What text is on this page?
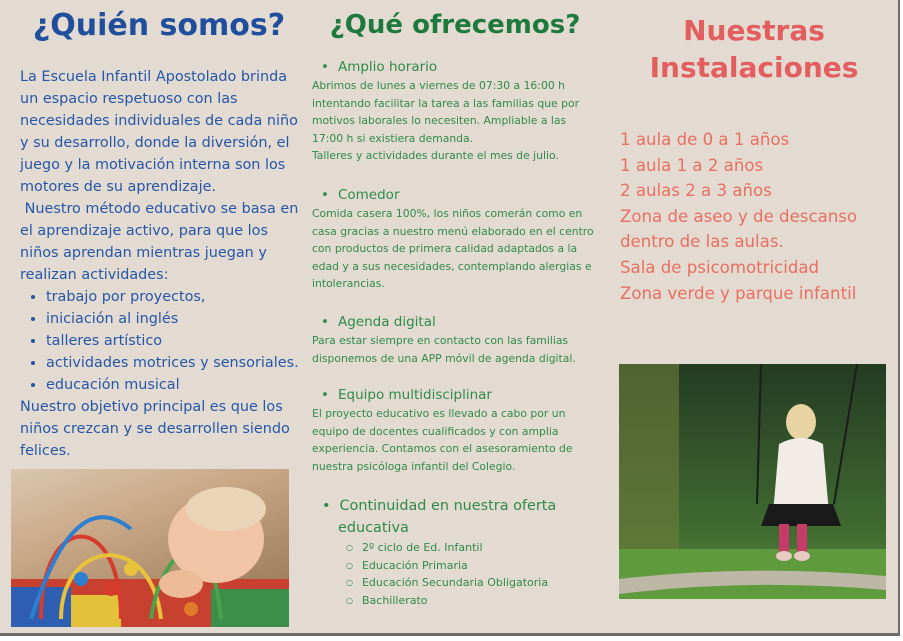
¿Quién somos?

La Escuela Infantil Apostolado brinda un espacio respetuoso con las necesidades individuales de cada niño y su desarrollo, donde la diversión, el juego y la motivación interna son los motores de su aprendizaje.

Nuestro método educativo se basa en el aprendizaje activo, para que los niños aprendan mientras juegan y realizan actividades:

• trabajo por proyectos,
• iniciación al inglés
• talleres artístico
• actividades motrices y sensoriales.
• educación musical

Nuestro objetivo principal es que los niños crezcan y se desarrollen siendo felices.

¿Qué ofrecemos?

• Amplio horario

Abrimos de lunes a viernes de 07:30 a 16:00 h intentando facilitar la tarea a las familias que por motivos laborales lo necesiten. Ampliable a las 17:00 h si existiera demanda.

Talleres y actividades durante el mes de julio.

• Comedor

Comida casera 100%, los niños comerán como en casa gracias a nuestro menú elaborado en el centro con productos de primera calidad adaptados a la edad y a sus necesidades, contemplando alergias e intolerancias.

• Agenda digital

Para estar siempre en contacto con las familias disponemos de una APP móvil de agenda digital.

• Equipo multidisciplinar

El proyecto educativo es llevado a cabo por un equipo de docentes cualificados y con amplia experiencia. Contamos con el asesoramiento de nuestra psicóloga infantil del Colegio.

• Continuidad en nuestra oferta educativa

○ 2º ciclo de Ed. Infantil
○ Educación Primaria
○ Educación Secundaria Obligatoria
○ Bachillerato
Nuestras Instalaciones
1 aula de 0 a 1 años
1 aula 1 a 2 años
2 aulas 2 a 3 años
Zona de aseo y de descanso dentro de las aulas.
Sala de psicomotricidad
Zona verde y parque infantil
